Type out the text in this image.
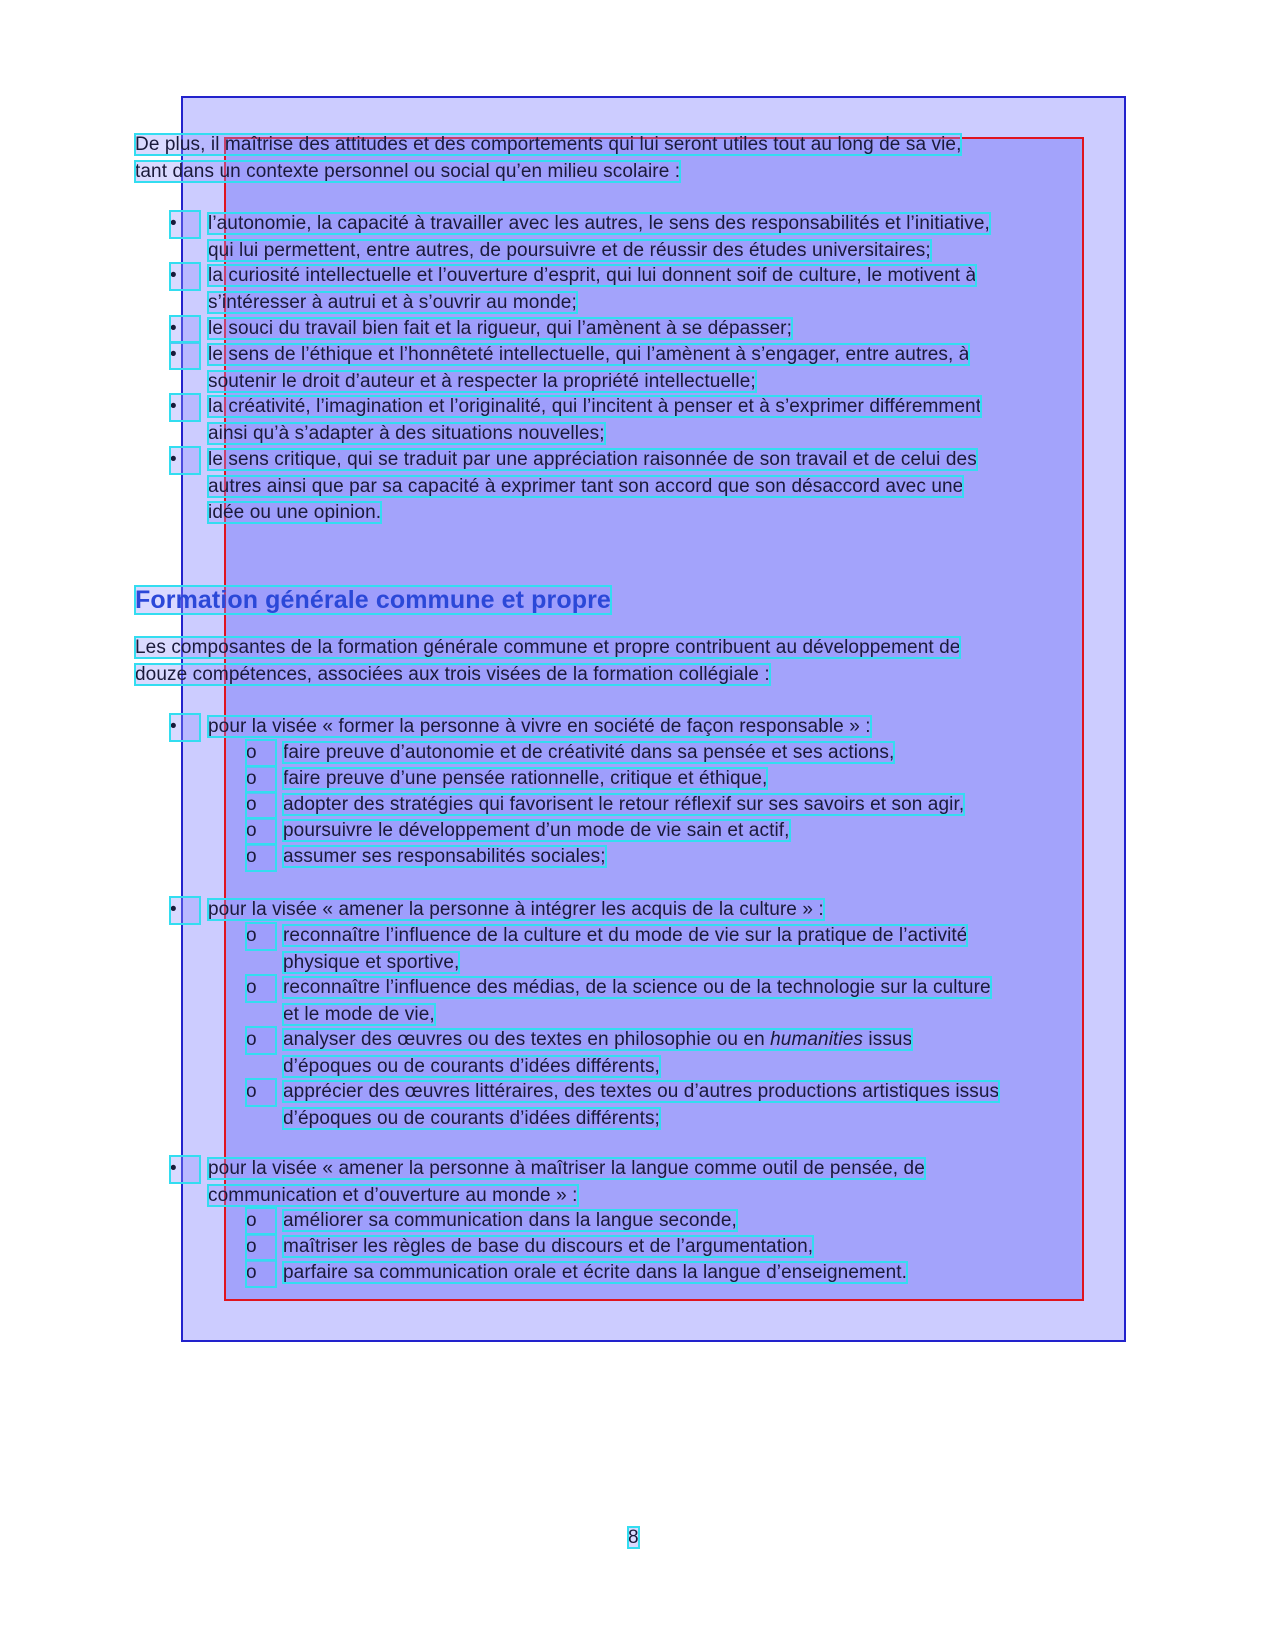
De plus, il maîtrise des attitudes et des comportements qui lui seront utiles tout au long de sa vie,
tant dans un contexte personnel ou social qu’en milieu scolaire :
•	l’autonomie, la capacité à travailler avec les autres, le sens des responsabilités et l’initiative,
qui lui permettent, entre autres, de poursuivre et de réussir des études universitaires;
•	la curiosité intellectuelle et l’ouverture d’esprit, qui lui donnent soif de culture, le motivent à
s’intéresser à autrui et à s’ouvrir au monde;
•	le souci du travail bien fait et la rigueur, qui l’amènent à se dépasser;
•	le sens de l’éthique et l’honnêteté intellectuelle, qui l’amènent à s’engager, entre autres, à
soutenir le droit d’auteur et à respecter la propriété intellectuelle;
•	la créativité, l’imagination et l’originalité, qui l’incitent à penser et à s’exprimer différemment
ainsi qu’à s’adapter à des situations nouvelles;
•	le sens critique, qui se traduit par une appréciation raisonnée de son travail et de celui des
autres ainsi que par sa capacité à exprimer tant son accord que son désaccord avec une
idée ou une opinion.
Formation générale commune et propre
Les composantes de la formation générale commune et propre contribuent au développement de
douze compétences, associées aux trois visées de la formation collégiale :
•	pour la visée « former la personne à vivre en société de façon responsable » :
o	faire preuve d’autonomie et de créativité dans sa pensée et ses actions,
o	faire preuve d’une pensée rationnelle, critique et éthique,
o	adopter des stratégies qui favorisent le retour réflexif sur ses savoirs et son agir,
o	poursuivre le développement d’un mode de vie sain et actif,
o	assumer ses responsabilités sociales;
•	pour la visée « amener la personne à intégrer les acquis de la culture » :
o	reconnaître l’influence de la culture et du mode de vie sur la pratique de l’activité
physique et sportive,
o	reconnaître l’influence des médias, de la science ou de la technologie sur la culture
et le mode de vie,
o	analyser des œuvres ou des textes en philosophie ou en humanities issus
d’époques ou de courants d’idées différents,
o	apprécier des œuvres littéraires, des textes ou d’autres productions artistiques issus
d’époques ou de courants d’idées différents;
•	pour la visée « amener la personne à maîtriser la langue comme outil de pensée, de
communication et d’ouverture au monde » :
o	améliorer sa communication dans la langue seconde,
o	maîtriser les règles de base du discours et de l’argumentation,
o	parfaire sa communication orale et écrite dans la langue d’enseignement.
8
